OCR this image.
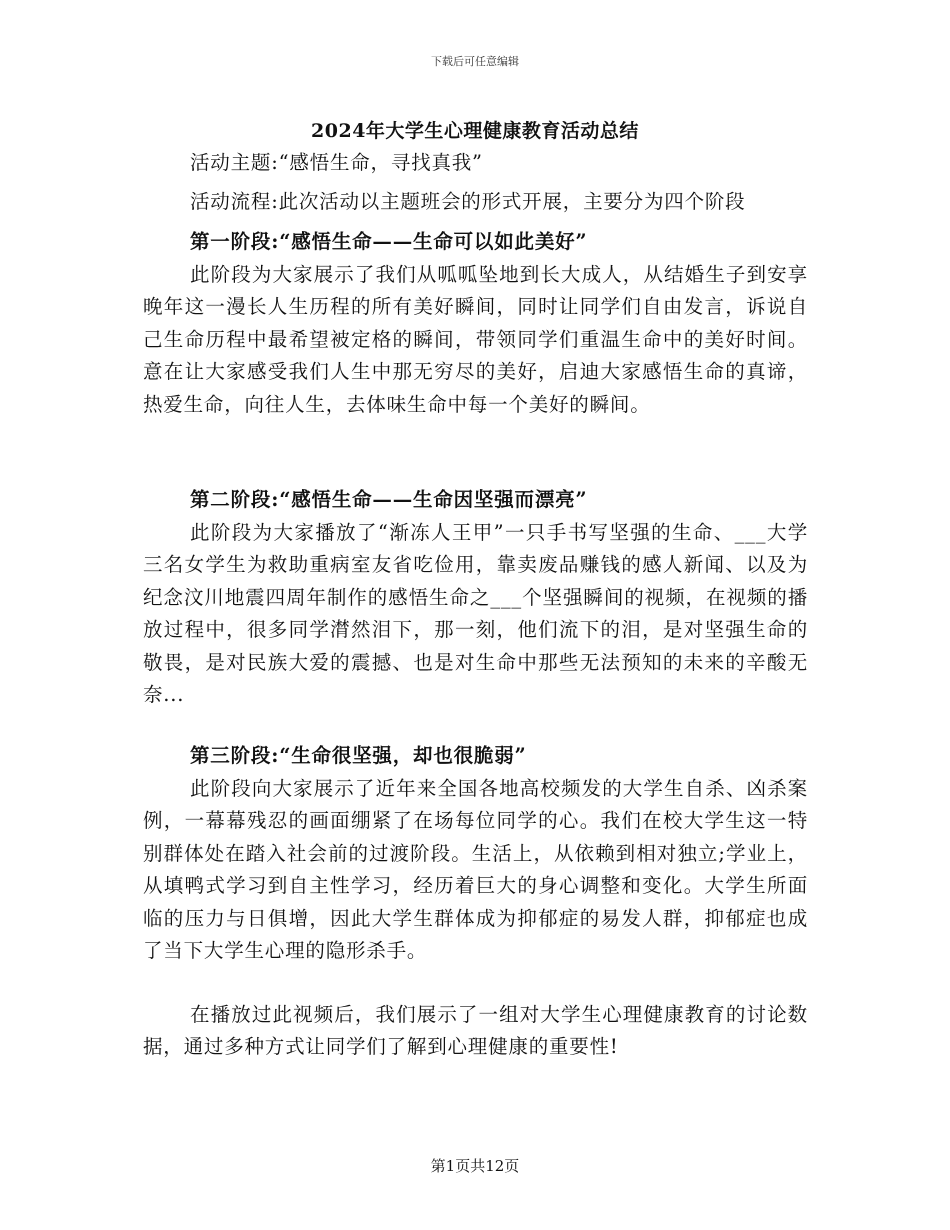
下载后可任意编辑
2024年大学生心理健康教育活动总结
活动主题:“感悟生命，寻找真我”
活动流程:此次活动以主题班会的形式开展，主要分为四个阶段
第一阶段:“感悟生命——生命可以如此美好”
此阶段为大家展示了我们从呱呱坠地到长大成人，从结婚生子到安享晚年这一漫长人生历程的所有美好瞬间，同时让同学们自由发言，诉说自己生命历程中最希望被定格的瞬间，带领同学们重温生命中的美好时间。意在让大家感受我们人生中那无穷尽的美好，启迪大家感悟生命的真谛，热爱生命，向往人生，去体味生命中每一个美好的瞬间。
第二阶段:“感悟生命——生命因坚强而漂亮”
此阶段为大家播放了“渐冻人王甲”一只手书写坚强的生命、___大学三名女学生为救助重病室友省吃俭用，靠卖废品赚钱的感人新闻、以及为纪念汶川地震四周年制作的感悟生命之___个坚强瞬间的视频，在视频的播放过程中，很多同学潸然泪下，那一刻，他们流下的泪，是对坚强生命的敬畏，是对民族大爱的震撼、也是对生命中那些无法预知的未来的辛酸无奈...
第三阶段:“生命很坚强，却也很脆弱”
此阶段向大家展示了近年来全国各地高校频发的大学生自杀、凶杀案例，一幕幕残忍的画面绷紧了在场每位同学的心。我们在校大学生这一特别群体处在踏入社会前的过渡阶段。生活上，从依赖到相对独立;学业上，从填鸭式学习到自主性学习，经历着巨大的身心调整和变化。大学生所面临的压力与日俱增，因此大学生群体成为抑郁症的易发人群，抑郁症也成了当下大学生心理的隐形杀手。
在播放过此视频后，我们展示了一组对大学生心理健康教育的讨论数据，通过多种方式让同学们了解到心理健康的重要性!
第1页共12页
